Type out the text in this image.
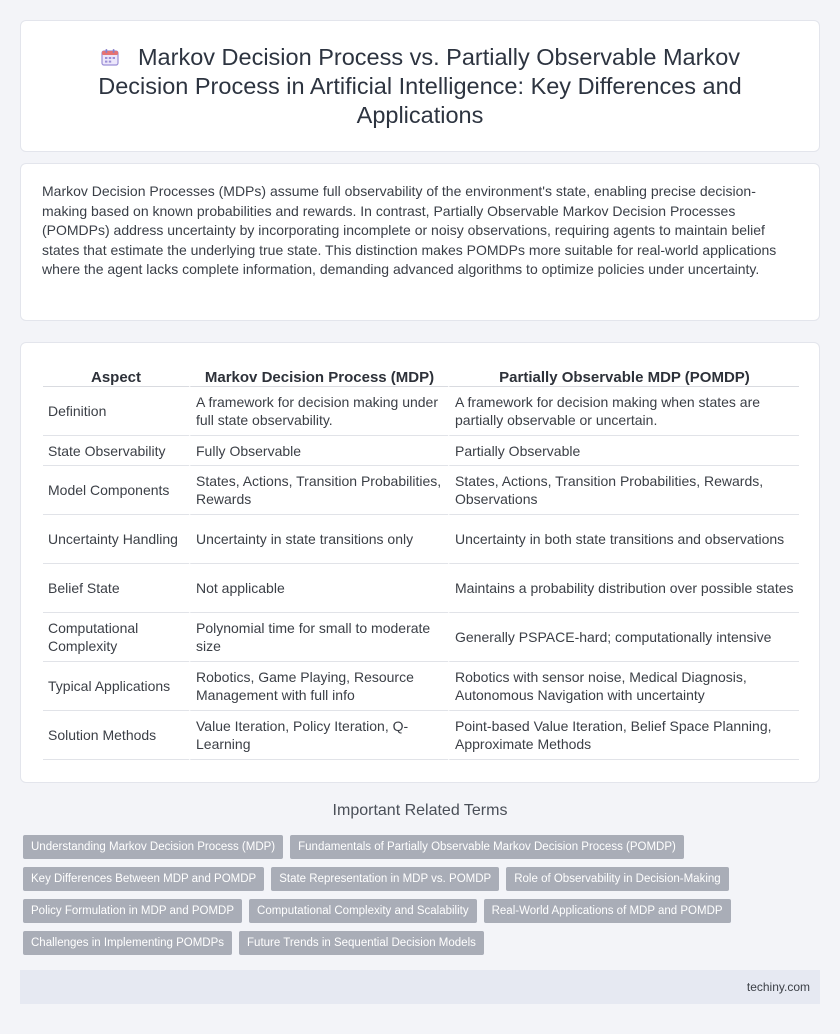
Markov Decision Process vs. Partially Observable Markov Decision Process in Artificial Intelligence: Key Differences and Applications

Markov Decision Processes (MDPs) assume full observability of the environment's state, enabling precise decision-making based on known probabilities and rewards. In contrast, Partially Observable Markov Decision Processes (POMDPs) address uncertainty by incorporating incomplete or noisy observations, requiring agents to maintain belief states that estimate the underlying true state. This distinction makes POMDPs more suitable for real-world applications where the agent lacks complete information, demanding advanced algorithms to optimize policies under uncertainty.

Aspect	Markov Decision Process (MDP)	Partially Observable MDP (POMDP)
Definition	A framework for decision making under full state observability.	A framework for decision making when states are partially observable or uncertain.
State Observability	Fully Observable	Partially Observable
Model Components	States, Actions, Transition Probabilities, Rewards	States, Actions, Transition Probabilities, Rewards, Observations
Uncertainty Handling	Uncertainty in state transitions only	Uncertainty in both state transitions and observations
Belief State	Not applicable	Maintains a probability distribution over possible states
Computational Complexity	Polynomial time for small to moderate size	Generally PSPACE-hard; computationally intensive
Typical Applications	Robotics, Game Playing, Resource Management with full info	Robotics with sensor noise, Medical Diagnosis, Autonomous Navigation with uncertainty
Solution Methods	Value Iteration, Policy Iteration, Q-Learning	Point-based Value Iteration, Belief Space Planning, Approximate Methods
Important Related Terms
Understanding Markov Decision Process (MDP)	Fundamentals of Partially Observable Markov Decision Process (POMDP)
Key Differences Between MDP and POMDP	State Representation in MDP vs. POMDP	Role of Observability in Decision-Making
Policy Formulation in MDP and POMDP	Computational Complexity and Scalability	Real-World Applications of MDP and POMDP
Challenges in Implementing POMDPs	Future Trends in Sequential Decision Models
techiny.com
